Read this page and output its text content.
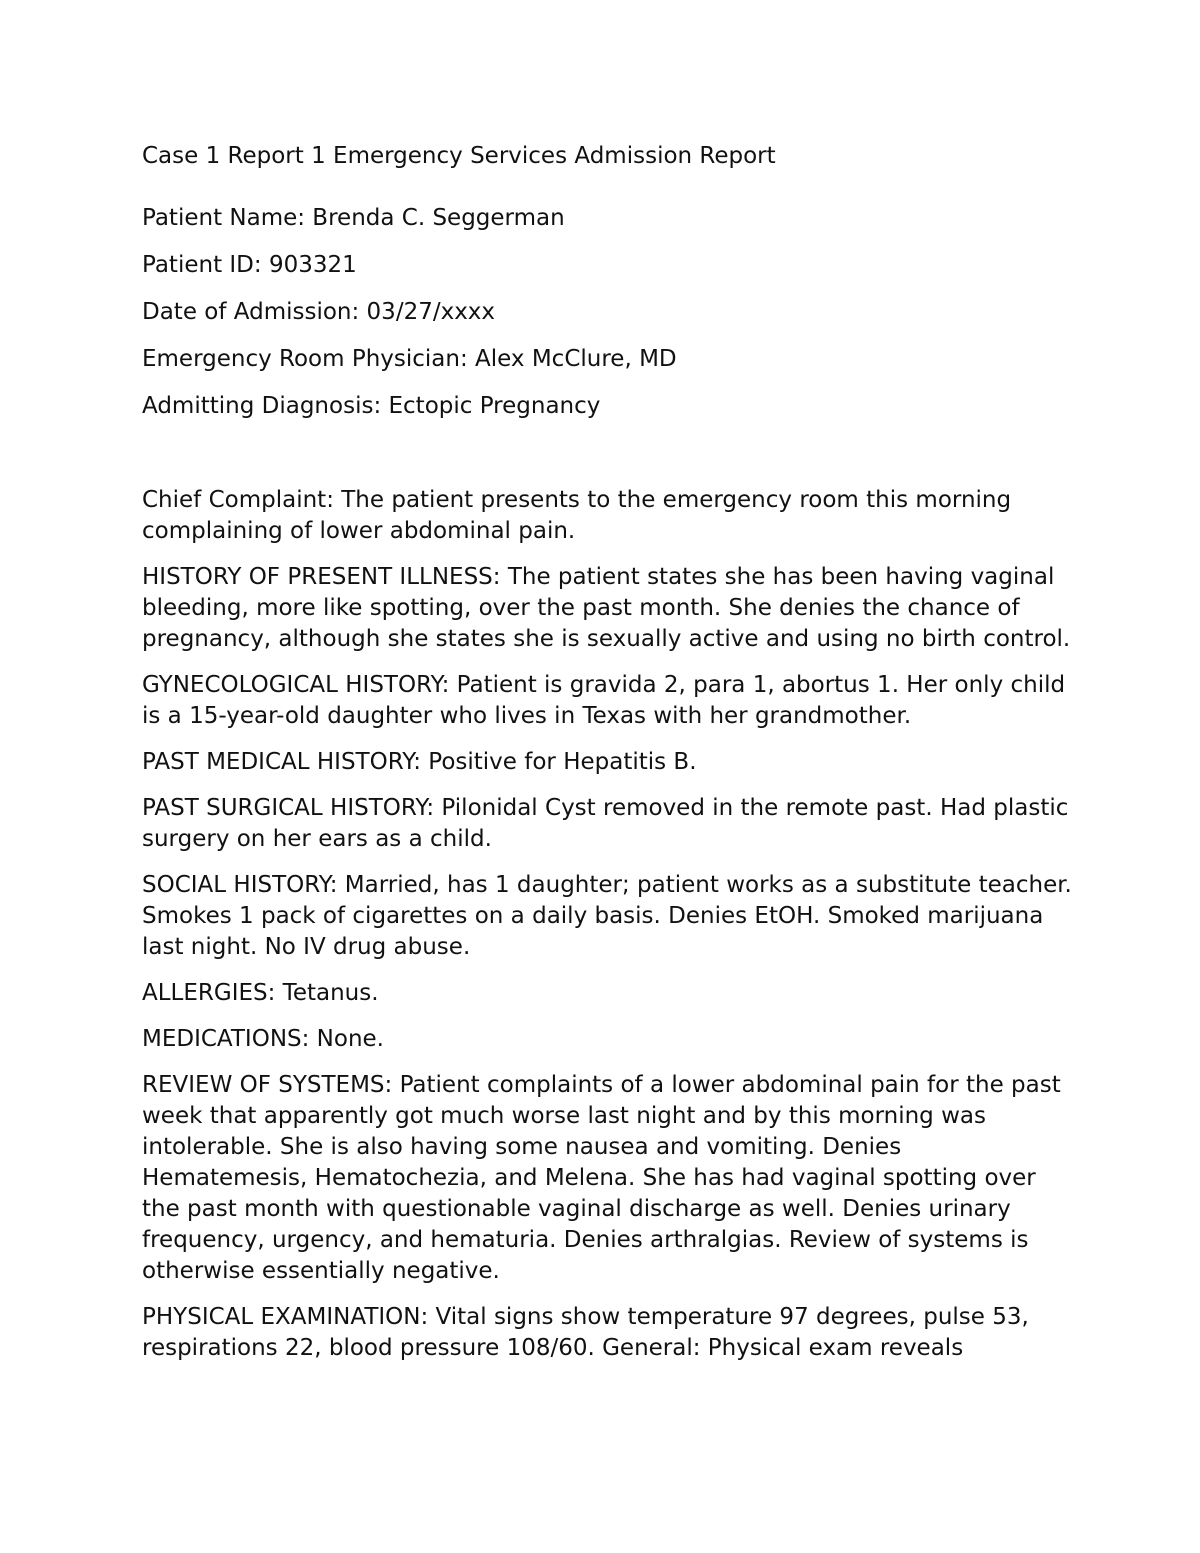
Case 1 Report 1 Emergency Services Admission Report

Patient Name: Brenda C. Seggerman

Patient ID: 903321

Date of Admission: 03/27/xxxx

Emergency Room Physician: Alex McClure, MD

Admitting Diagnosis: Ectopic Pregnancy

Chief Complaint: The patient presents to the emergency room this morning complaining of lower abdominal pain.

HISTORY OF PRESENT ILLNESS: The patient states she has been having vaginal bleeding, more like spotting, over the past month. She denies the chance of pregnancy, although she states she is sexually active and using no birth control.

GYNECOLOGICAL HISTORY: Patient is gravida 2, para 1, abortus 1. Her only child is a 15-year-old daughter who lives in Texas with her grandmother.

PAST MEDICAL HISTORY: Positive for Hepatitis B.

PAST SURGICAL HISTORY: Pilonidal Cyst removed in the remote past. Had plastic surgery on her ears as a child.

SOCIAL HISTORY: Married, has 1 daughter; patient works as a substitute teacher. Smokes 1 pack of cigarettes on a daily basis. Denies EtOH. Smoked marijuana last night. No IV drug abuse.

ALLERGIES: Tetanus.

MEDICATIONS: None.

REVIEW OF SYSTEMS: Patient complaints of a lower abdominal pain for the past week that apparently got much worse last night and by this morning was intolerable. She is also having some nausea and vomiting. Denies Hematemesis, Hematochezia, and Melena. She has had vaginal spotting over the past month with questionable vaginal discharge as well. Denies urinary frequency, urgency, and hematuria. Denies arthralgias. Review of systems is otherwise essentially negative.

PHYSICAL EXAMINATION: Vital signs show temperature 97 degrees, pulse 53, respirations 22, blood pressure 108/60. General: Physical exam reveals
